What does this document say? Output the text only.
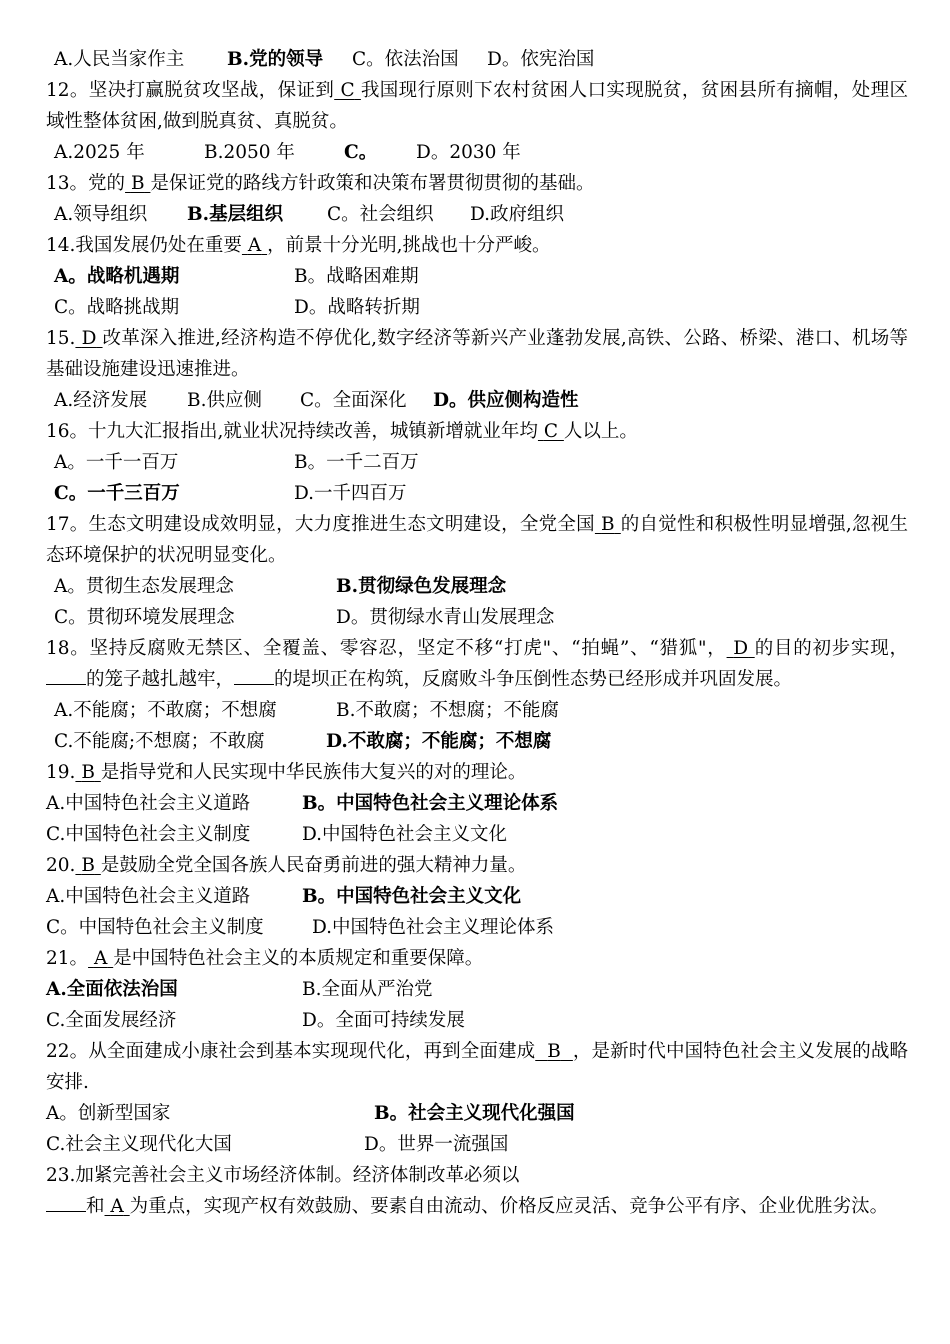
A.人民当家作主	B.党的领导	C。依法治国	D。依宪治国
12。坚决打赢脱贫攻坚战，保证到 C 我国现行原则下农村贫困人口实现脱贫，贫困县所有摘帽，处理区域性整体贫困,做到脱真贫、真脱贫。
A.2025 年	B.2050 年	C。	D。2030 年
13。党的 B 是保证党的路线方针政策和决策布署贯彻贯彻的基础。
A.领导组织	B.基层组织	C。社会组织	D.政府组织
14.我国发展仍处在重要 A ，前景十分光明,挑战也十分严峻。
A。战略机遇期	B。战略困难期
C。战略挑战期	D。战略转折期
15. D 改革深入推进,经济构造不停优化,数字经济等新兴产业蓬勃发展,高铁、公路、桥梁、港口、机场等基础设施建设迅速推进。
A.经济发展	B.供应侧	C。全面深化	D。供应侧构造性
16。十九大汇报指出,就业状况持续改善，城镇新增就业年均 C 人以上。
A。一千一百万	B。一千二百万
C。一千三百万	D.一千四百万
17。生态文明建设成效明显，大力度推进生态文明建设，全党全国 B 的自觉性和积极性明显增强,忽视生态环境保护的状况明显变化。
A。贯彻生态发展理念	B.贯彻绿色发展理念
C。贯彻环境发展理念	D。贯彻绿水青山发展理念
18。坚持反腐败无禁区、全覆盖、零容忍，坚定不移“打虎"、“拍蝇”、“猎狐"， D 的目的初步实现，的笼子越扎越牢， 的堤坝正在构筑，反腐败斗争压倒性态势已经形成并巩固发展。
A.不能腐；不敢腐；不想腐	B.不敢腐；不想腐；不能腐
C.不能腐;不想腐；不敢腐	D.不敢腐；不能腐；不想腐
19. B 是指导党和人民实现中华民族伟大复兴的对的理论。
A.中国特色社会主义道路	B。中国特色社会主义理论体系
C.中国特色社会主义制度	D.中国特色社会主义文化
20. B 是鼓励全党全国各族人民奋勇前进的强大精神力量。
A.中国特色社会主义道路	B。中国特色社会主义文化
C。中国特色社会主义制度	D.中国特色社会主义理论体系
21。 A 是中国特色社会主义的本质规定和重要保障。
A.全面依法治国	B.全面从严治党
C.全面发展经济	D。全面可持续发展
22。从全面建成小康社会到基本实现现代化，再到全面建成 B ，是新时代中国特色社会主义发展的战略安排.
A。创新型国家	B。社会主义现代化强国
C.社会主义现代化大国	D。世界一流强国
23.加紧完善社会主义市场经济体制。经济体制改革必须以
和 A 为重点，实现产权有效鼓励、要素自由流动、价格反应灵活、竞争公平有序、企业优胜劣汰。
